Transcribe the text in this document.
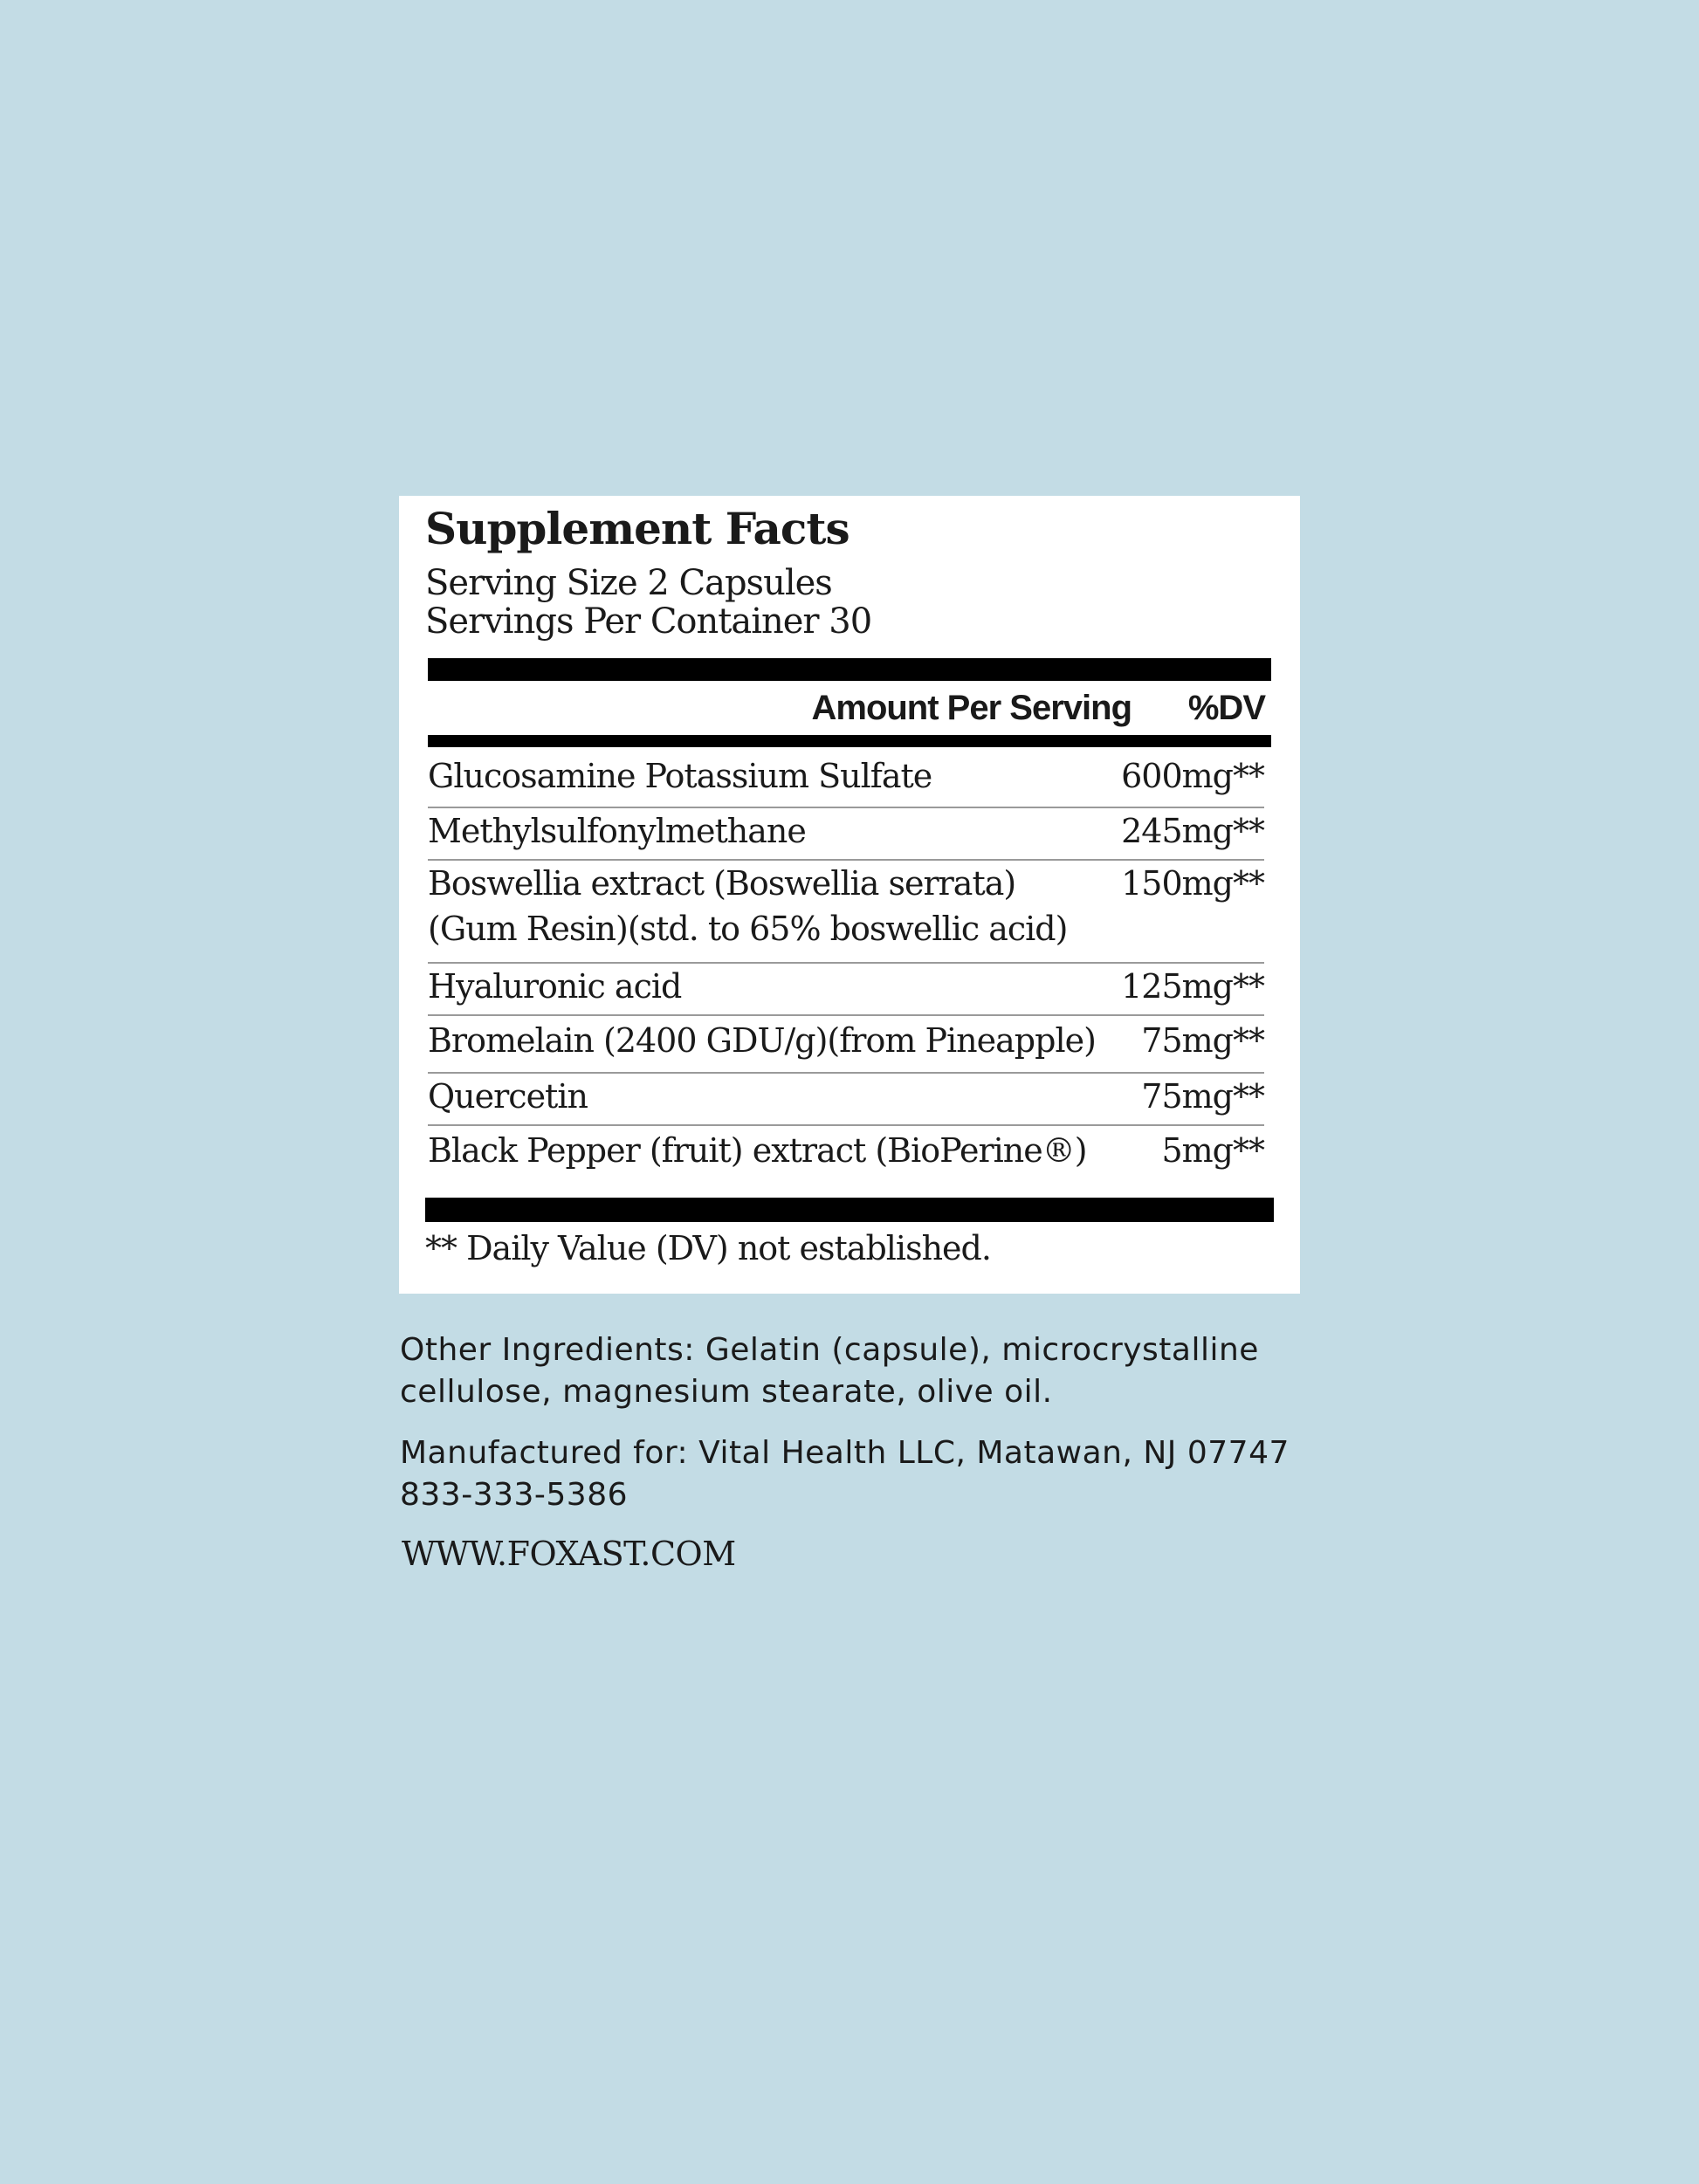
Supplement Facts
Serving Size 2 Capsules
Servings Per Container 30
Amount Per Serving %DV
Glucosamine Potassium Sulfate	600mg**
Methylsulfonylmethane	245mg**
Boswellia extract (Boswellia serrata)
(Gum Resin)(std. to 65% boswellic acid)
150mg**
Hyaluronic acid	125mg**
Bromelain (2400 GDU/g)(from Pineapple) 75mg**
Quercetin	75mg**
Black Pepper (fruit) extract (BioPerine®) 5mg**
** Daily Value (DV) not established.
Other Ingredients: Gelatin (capsule), microcrystalline
cellulose, magnesium stearate, olive oil.
Manufactured for: Vital Health LLC, Matawan, NJ 07747
833-333-5386
WWW.FOXAST.COM
